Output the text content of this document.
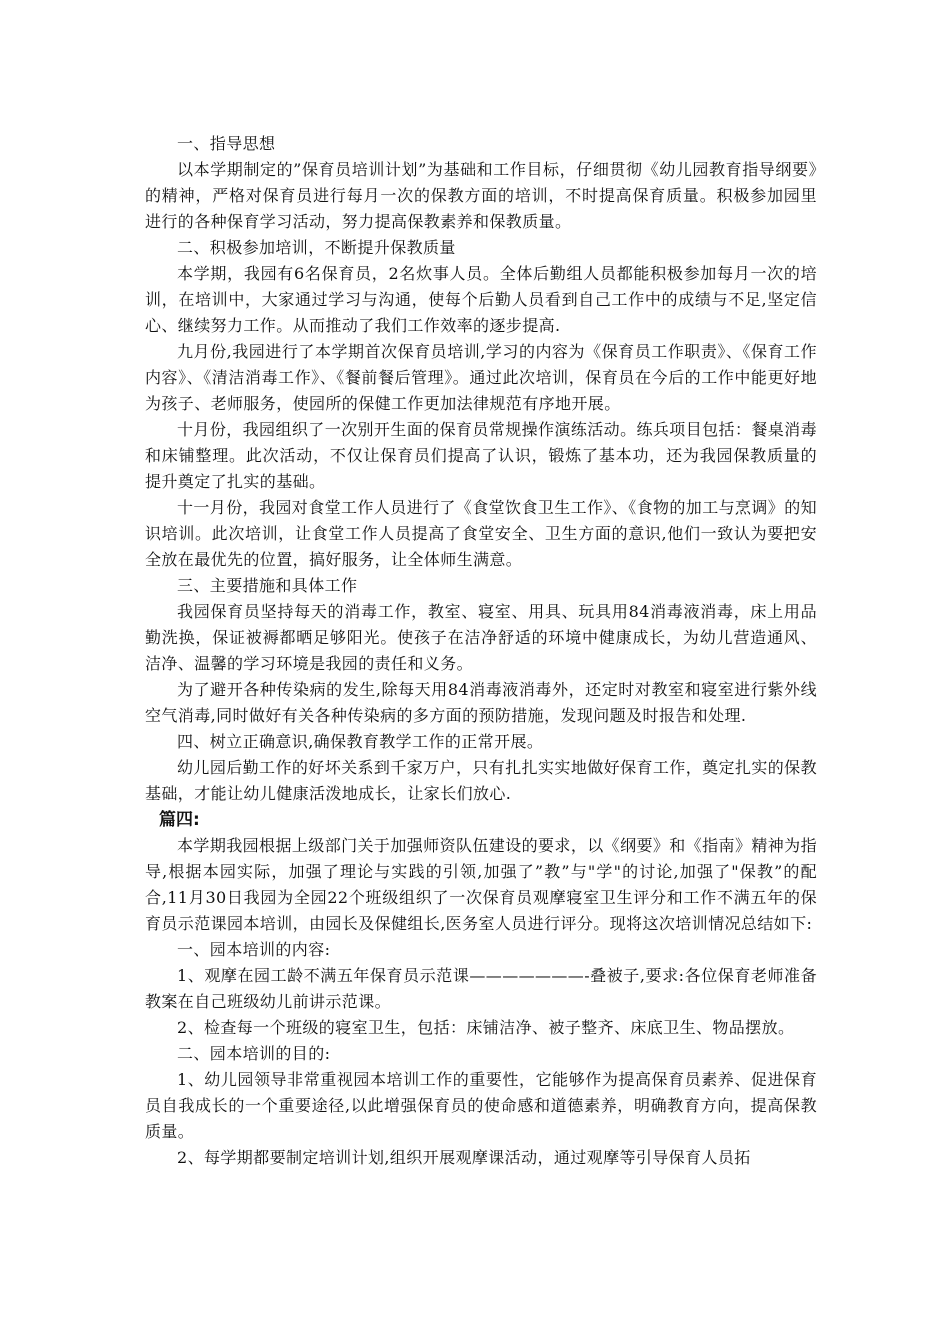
一、指导思想

以本学期制定的”保育员培训计划”为基础和工作目标，仔细贯彻《幼儿园教育指导纲要》的精神，严格对保育员进行每月一次的保教方面的培训，不时提高保育质量。积极参加园里进行的各种保育学习活动，努力提高保教素养和保教质量。

二、积极参加培训，不断提升保教质量

本学期，我园有6名保育员，2名炊事人员。全体后勤组人员都能积极参加每月一次的培训，在培训中，大家通过学习与沟通，使每个后勤人员看到自己工作中的成绩与不足,坚定信心、继续努力工作。从而推动了我们工作效率的逐步提高.

九月份,我园进行了本学期首次保育员培训,学习的内容为《保育员工作职责》、《保育工作内容》、《清洁消毒工作》、《餐前餐后管理》。通过此次培训，保育员在今后的工作中能更好地为孩子、老师服务，使园所的保健工作更加法律规范有序地开展。

十月份，我园组织了一次别开生面的保育员常规操作演练活动。练兵项目包括：餐桌消毒和床铺整理。此次活动，不仅让保育员们提高了认识，锻炼了基本功，还为我园保教质量的提升奠定了扎实的基础。

十一月份，我园对食堂工作人员进行了《食堂饮食卫生工作》、《食物的加工与烹调》的知识培训。此次培训，让食堂工作人员提高了食堂安全、卫生方面的意识,他们一致认为要把安全放在最优先的位置，搞好服务，让全体师生满意。

三、主要措施和具体工作

我园保育员坚持每天的消毒工作，教室、寝室、用具、玩具用84消毒液消毒，床上用品勤洗换，保证被褥都晒足够阳光。使孩子在洁净舒适的环境中健康成长，为幼儿营造通风、洁净、温馨的学习环境是我园的责任和义务。

为了避开各种传染病的发生,除每天用84消毒液消毒外，还定时对教室和寝室进行紫外线空气消毒,同时做好有关各种传染病的多方面的预防措施，发现问题及时报告和处理.

四、树立正确意识,确保教育教学工作的正常开展。

幼儿园后勤工作的好坏关系到千家万户，只有扎扎实实地做好保育工作，奠定扎实的保教基础，才能让幼儿健康活泼地成长，让家长们放心.

篇四:

本学期我园根据上级部门关于加强师资队伍建设的要求，以《纲要》和《指南》精神为指导,根据本园实际，加强了理论与实践的引领,加强了”教”与"学"的讨论,加强了"保教”的配合,11月30日我园为全园22个班级组织了一次保育员观摩寝室卫生评分和工作不满五年的保育员示范课园本培训，由园长及保健组长,医务室人员进行评分。现将这次培训情况总结如下:

一、园本培训的内容:

1、观摩在园工龄不满五年保育员示范课———————-叠被子,要求:各位保育老师准备教案在自己班级幼儿前讲示范课。

2、检查每一个班级的寝室卫生，包括：床铺洁净、被子整齐、床底卫生、物品摆放。

二、园本培训的目的:

1、幼儿园领导非常重视园本培训工作的重要性，它能够作为提高保育员素养、促进保育员自我成长的一个重要途径,以此增强保育员的使命感和道德素养，明确教育方向，提高保教质量。

2、每学期都要制定培训计划,组织开展观摩课活动，通过观摩等引导保育人员拓
